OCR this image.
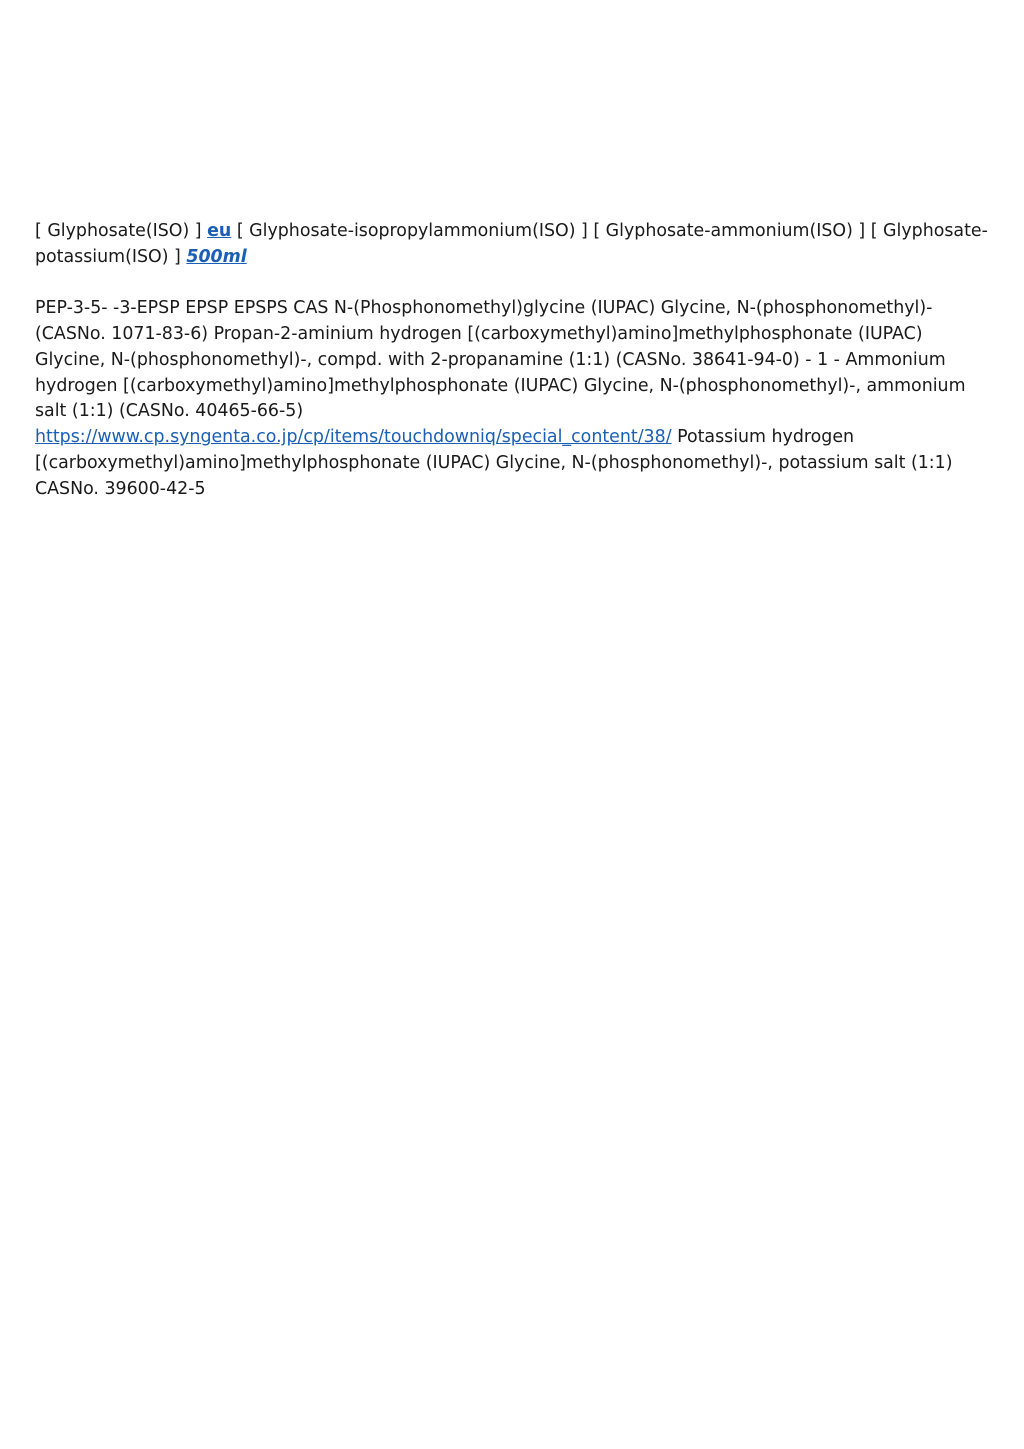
[ Glyphosate(ISO) ] eu [ Glyphosate-isopropylammonium(ISO) ] [ Glyphosate-ammonium(ISO) ] [ Glyphosate-potassium(ISO) ] 500ml

PEP-3-5- -3-EPSP EPSP EPSPS CAS N-(Phosphonomethyl)glycine (IUPAC) Glycine, N-(phosphonomethyl)- (CASNo. 1071-83-6) Propan-2-aminium hydrogen [(carboxymethyl)amino]methylphosphonate (IUPAC) Glycine, N-(phosphonomethyl)-, compd. with 2-propanamine (1:1) (CASNo. 38641-94-0) - 1 - Ammonium hydrogen [(carboxymethyl)amino]methylphosphonate (IUPAC) Glycine, N-(phosphonomethyl)-, ammonium salt (1:1) (CASNo. 40465-66-5)
https://www.cp.syngenta.co.jp/cp/items/touchdowniq/special_content/38/ Potassium hydrogen [(carboxymethyl)amino]methylphosphonate (IUPAC) Glycine, N-(phosphonomethyl)-, potassium salt (1:1) CASNo. 39600-42-5
